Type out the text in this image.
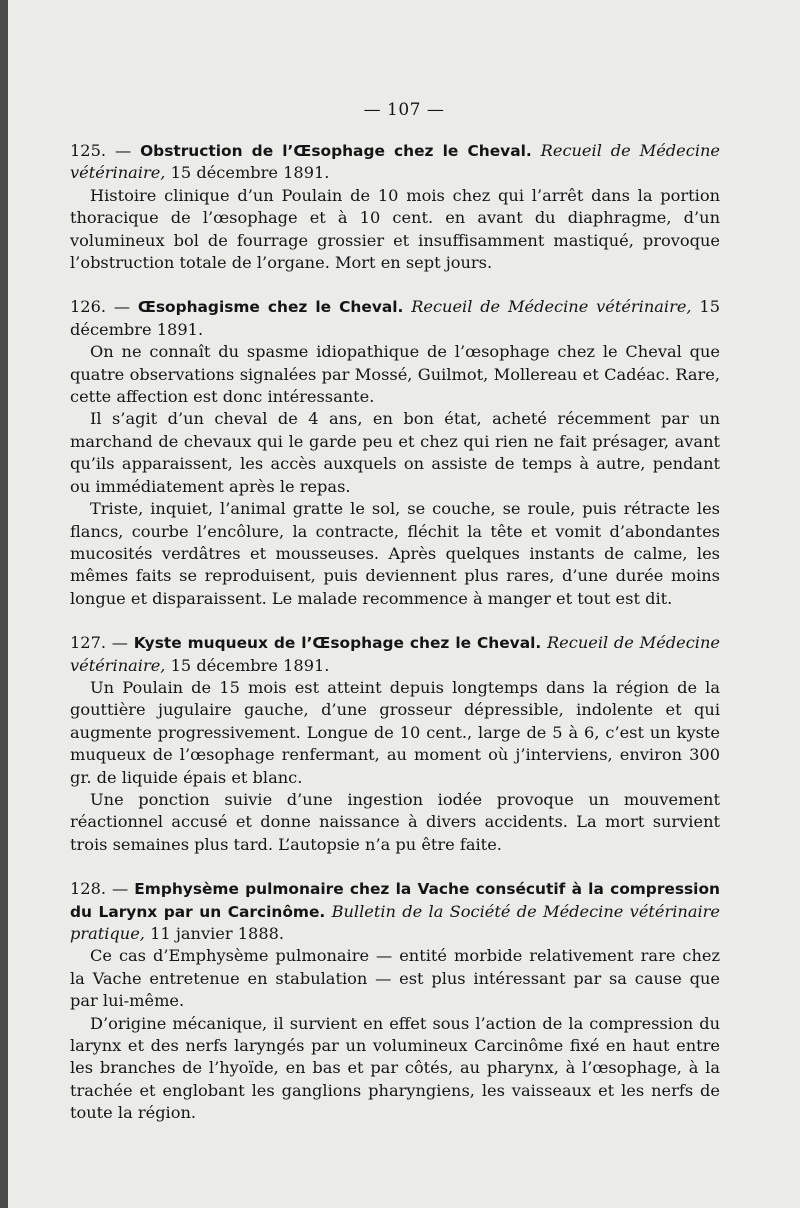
— 107 —

125. — Obstruction de l’Œsophage chez le Cheval. Recueil de Médecine vétérinaire, 15 décembre 1891.

Histoire clinique d’un Poulain de 10 mois chez qui l’arrêt dans la portion thoracique de l’œsophage et à 10 cent. en avant du diaphragme, d’un volumineux bol de fourrage grossier et insuffisamment mastiqué, provoque l’obstruction totale de l’organe. Mort en sept jours.

126. — Œsophagisme chez le Cheval. Recueil de Médecine vétérinaire, 15 décembre 1891.

On ne connaît du spasme idiopathique de l’œsophage chez le Cheval que quatre observations signalées par Mossé, Guilmot, Mollereau et Cadéac. Rare, cette affection est donc intéressante.

Il s’agit d’un cheval de 4 ans, en bon état, acheté récemment par un marchand de chevaux qui le garde peu et chez qui rien ne fait présager, avant qu’ils apparaissent, les accès auxquels on assiste de temps à autre, pendant ou immédiatement après le repas.

Triste, inquiet, l’animal gratte le sol, se couche, se roule, puis rétracte les flancs, courbe l’encôlure, la contracte, fléchit la tête et vomit d’abondantes mucosités verdâtres et mousseuses. Après quelques instants de calme, les mêmes faits se reproduisent, puis deviennent plus rares, d’une durée moins longue et disparaissent. Le malade recommence à manger et tout est dit.

127. — Kyste muqueux de l’Œsophage chez le Cheval. Recueil de Médecine vétérinaire, 15 décembre 1891.

Un Poulain de 15 mois est atteint depuis longtemps dans la région de la gouttière jugulaire gauche, d’une grosseur dépressible, indolente et qui augmente progressivement. Longue de 10 cent., large de 5 à 6, c’est un kyste muqueux de l’œsophage renfermant, au moment où j’interviens, environ 300 gr. de liquide épais et blanc.

Une ponction suivie d’une ingestion iodée provoque un mouvement réactionnel accusé et donne naissance à divers accidents. La mort survient trois semaines plus tard. L’autopsie n’a pu être faite.

128. — Emphysème pulmonaire chez la Vache consécutif à la compression du Larynx par un Carcinôme. Bulletin de la Société de Médecine vétérinaire pratique, 11 janvier 1888.

Ce cas d’Emphysème pulmonaire — entité morbide relativement rare chez la Vache entretenue en stabulation — est plus intéressant par sa cause que par lui-même.

D’origine mécanique, il survient en effet sous l’action de la compression du larynx et des nerfs laryngés par un volumineux Carcinôme fixé en haut entre les branches de l’hyoïde, en bas et par côtés, au pharynx, à l’œsophage, à la trachée et englobant les ganglions pharyngiens, les vaisseaux et les nerfs de toute la région.
